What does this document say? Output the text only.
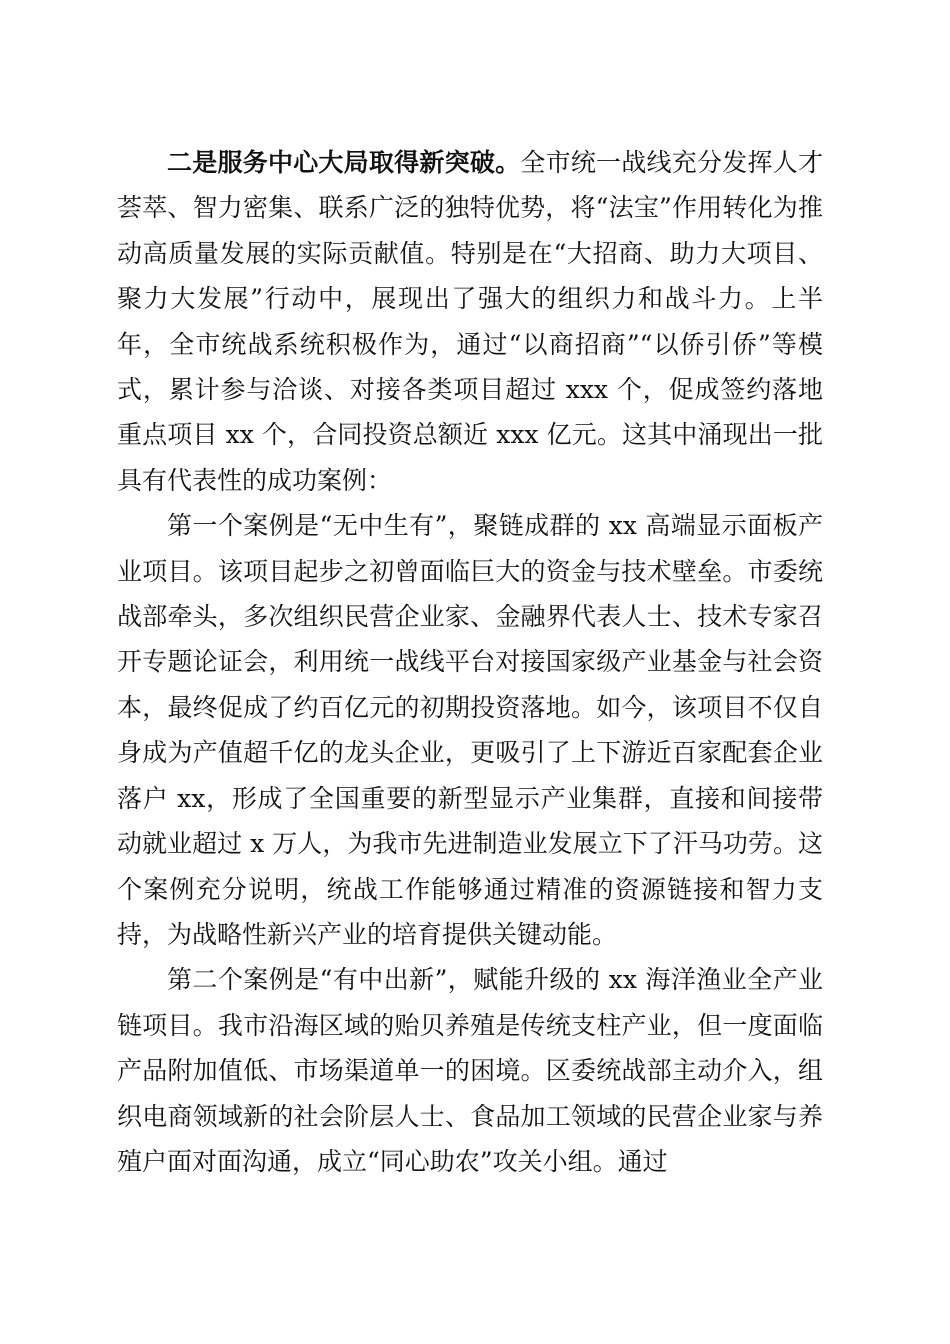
二是服务中心大局取得新突破。全市统一战线充分发挥人才荟萃、智力密集、联系广泛的独特优势，将“法宝”作用转化为推动高质量发展的实际贡献值。特别是在“大招商、助力大项目、聚力大发展”行动中，展现出了强大的组织力和战斗力。上半年，全市统战系统积极作为，通过“以商招商”“以侨引侨”等模式，累计参与洽谈、对接各类项目超过 xxx 个，促成签约落地重点项目 xx 个，合同投资总额近 xxx 亿元。这其中涌现出一批具有代表性的成功案例：

第一个案例是“无中生有”，聚链成群的 xx 高端显示面板产业项目。该项目起步之初曾面临巨大的资金与技术壁垒。市委统战部牵头，多次组织民营企业家、金融界代表人士、技术专家召开专题论证会，利用统一战线平台对接国家级产业基金与社会资本，最终促成了约百亿元的初期投资落地。如今，该项目不仅自身成为产值超千亿的龙头企业，更吸引了上下游近百家配套企业落户 xx，形成了全国重要的新型显示产业集群，直接和间接带动就业超过 x 万人，为我市先进制造业发展立下了汗马功劳。这个案例充分说明，统战工作能够通过精准的资源链接和智力支持，为战略性新兴产业的培育提供关键动能。

第二个案例是“有中出新”，赋能升级的 xx 海洋渔业全产业链项目。我市沿海区域的贻贝养殖是传统支柱产业，但一度面临产品附加值低、市场渠道单一的困境。区委统战部主动介入，组织电商领域新的社会阶层人士、食品加工领域的民营企业家与养殖户面对面沟通，成立“同心助农”攻关小组。通过
